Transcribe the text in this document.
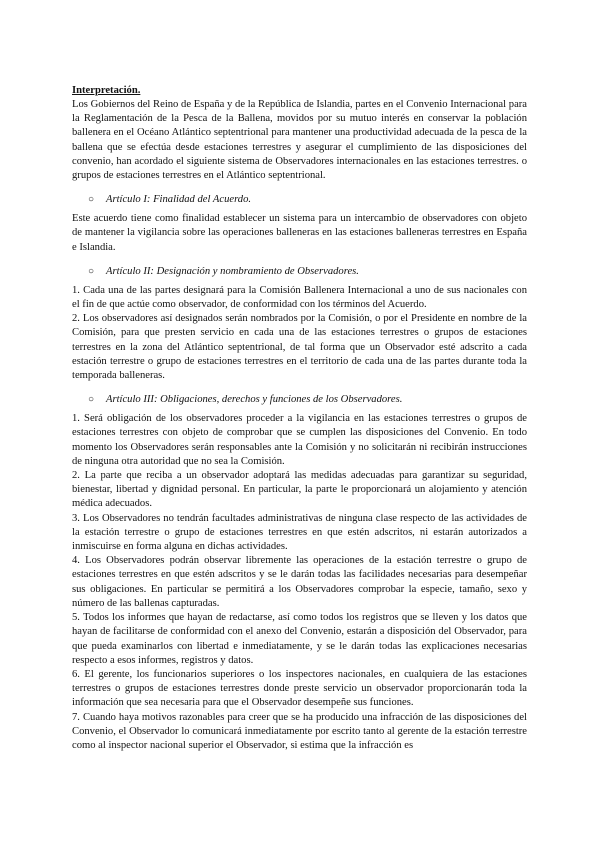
Interpretación.

Los Gobiernos del Reino de España y de la República de Islandia, partes en el Convenio Internacional para la Reglamentación de la Pesca de la Ballena, movidos por su mutuo interés en conservar la población ballenera en el Océano Atlántico septentrional para mantener una productividad adecuada de la pesca de la ballena que se efectúa desde estaciones terrestres y asegurar el cumplimiento de las disposiciones del convenio, han acordado el siguiente sistema de Observadores internacionales en las estaciones terrestres. o grupos de estaciones terrestres en el Atlántico septentrional.

○ Artículo I: Finalidad del Acuerdo.

Este acuerdo tiene como finalidad establecer un sistema para un intercambio de observadores con objeto de mantener la vigilancia sobre las operaciones balleneras en las estaciones balleneras terrestres en España e Islandia.

○ Artículo II: Designación y nombramiento de Observadores.

1. Cada una de las partes designará para la Comisión Ballenera Internacional a uno de sus nacionales con el fin de que actúe como observador, de conformidad con los términos del Acuerdo.

2. Los observadores así designados serán nombrados por la Comisión, o por el Presidente en nombre de la Comisión, para que presten servicio en cada una de las estaciones terrestres o grupos de estaciones terrestres en la zona del Atlántico septentrional, de tal forma que un Observador esté adscrito a cada estación terrestre o grupo de estaciones terrestres en el territorio de cada una de las partes durante toda la temporada balleneras.

○ Artículo III: Obligaciones, derechos y funciones de los Observadores.

1. Será obligación de los observadores proceder a la vigilancia en las estaciones terrestres o grupos de estaciones terrestres con objeto de comprobar que se cumplen las disposiciones del Convenio. En todo momento los Observadores serán responsables ante la Comisión y no solicitarán ni recibirán instrucciones de ninguna otra autoridad que no sea la Comisión.

2. La parte que reciba a un observador adoptará las medidas adecuadas para garantizar su seguridad, bienestar, libertad y dignidad personal. En particular, la parte le proporcionará un alojamiento y atención médica adecuados.

3. Los Observadores no tendrán facultades administrativas de ninguna clase respecto de las actividades de la estación terrestre o grupo de estaciones terrestres en que estén adscritos, ni estarán autorizados a inmiscuirse en forma alguna en dichas actividades.

4. Los Observadores podrán observar libremente las operaciones de la estación terrestre o grupo de estaciones terrestres en que estén adscritos y se le darán todas las facilidades necesarias para desempeñar sus obligaciones. En particular se permitirá a los Observadores comprobar la especie, tamaño, sexo y número de las ballenas capturadas.

5. Todos los informes que hayan de redactarse, así como todos los registros que se lleven y los datos que hayan de facilitarse de conformidad con el anexo del Convenio, estarán a disposición del Observador, para que pueda examinarlos con libertad e inmediatamente, y se le darán todas las explicaciones necesarias respecto a esos informes, registros y datos.

6. El gerente, los funcionarios superiores o los inspectores nacionales, en cualquiera de las estaciones terrestres o grupos de estaciones terrestres donde preste servicio un observador proporcionarán toda la información que sea necesaria para que el Observador desempeñe sus funciones.

7. Cuando haya motivos razonables para creer que se ha producido una infracción de las disposiciones del Convenio, el Observador lo comunicará inmediatamente por escrito tanto al gerente de la estación terrestre como al inspector nacional superior el Observador, si estima que la infracción es
